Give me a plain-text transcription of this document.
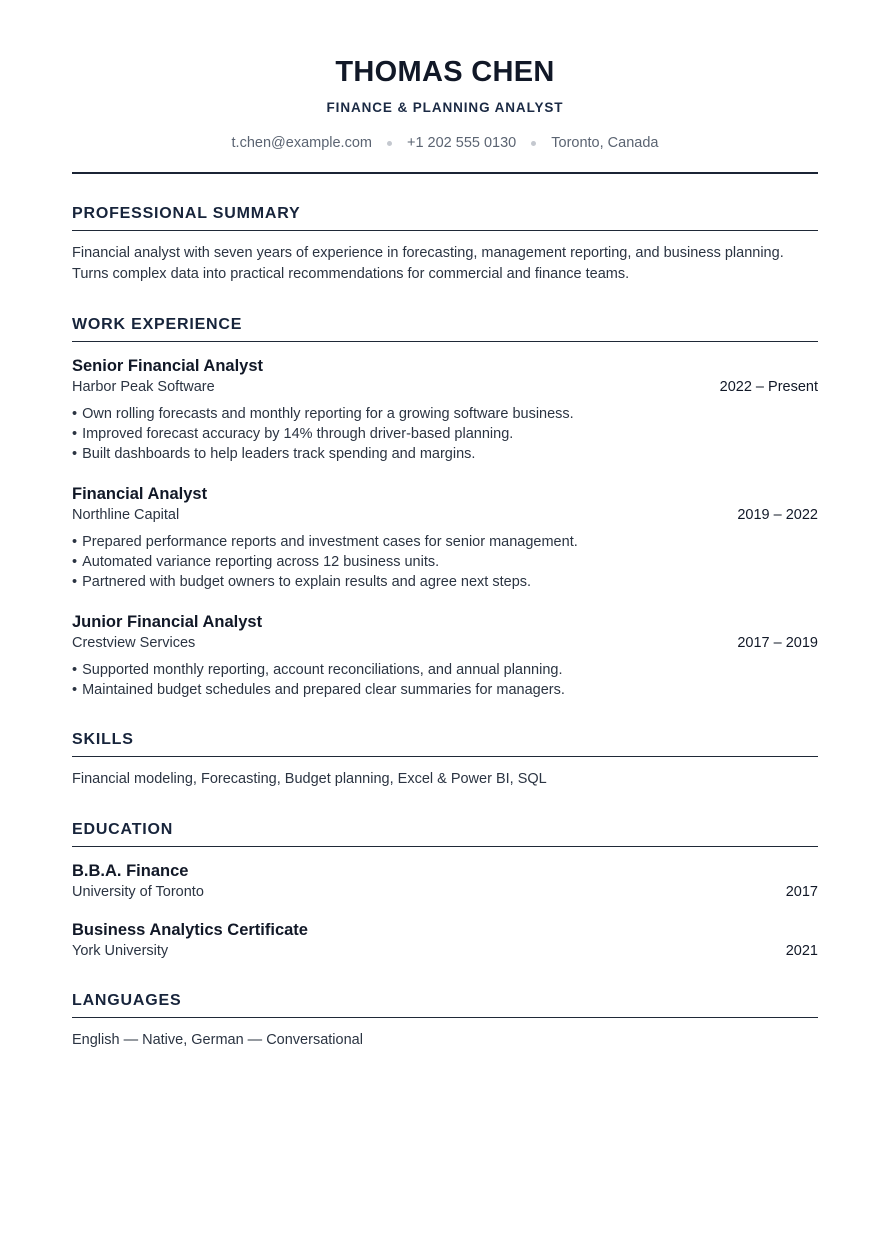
THOMAS CHEN
FINANCE & PLANNING ANALYST
t.chen@example.com +1 202 555 0130 Toronto, Canada
PROFESSIONAL SUMMARY
Financial analyst with seven years of experience in forecasting, management reporting, and business planning. Turns complex data into practical recommendations for commercial and finance teams.
WORK EXPERIENCE
Senior Financial Analyst
Harbor Peak Software	2022 – Present
• Own rolling forecasts and monthly reporting for a growing software business.
• Improved forecast accuracy by 14% through driver-based planning.
• Built dashboards to help leaders track spending and margins.
Financial Analyst
Northline Capital	2019 – 2022
• Prepared performance reports and investment cases for senior management.
• Automated variance reporting across 12 business units.
• Partnered with budget owners to explain results and agree next steps.
Junior Financial Analyst
Crestview Services	2017 – 2019
• Supported monthly reporting, account reconciliations, and annual planning.
• Maintained budget schedules and prepared clear summaries for managers.
SKILLS
Financial modeling, Forecasting, Budget planning, Excel & Power BI, SQL
EDUCATION
B.B.A. Finance
University of Toronto	2017
Business Analytics Certificate
York University	2021
LANGUAGES
English — Native, German — Conversational
